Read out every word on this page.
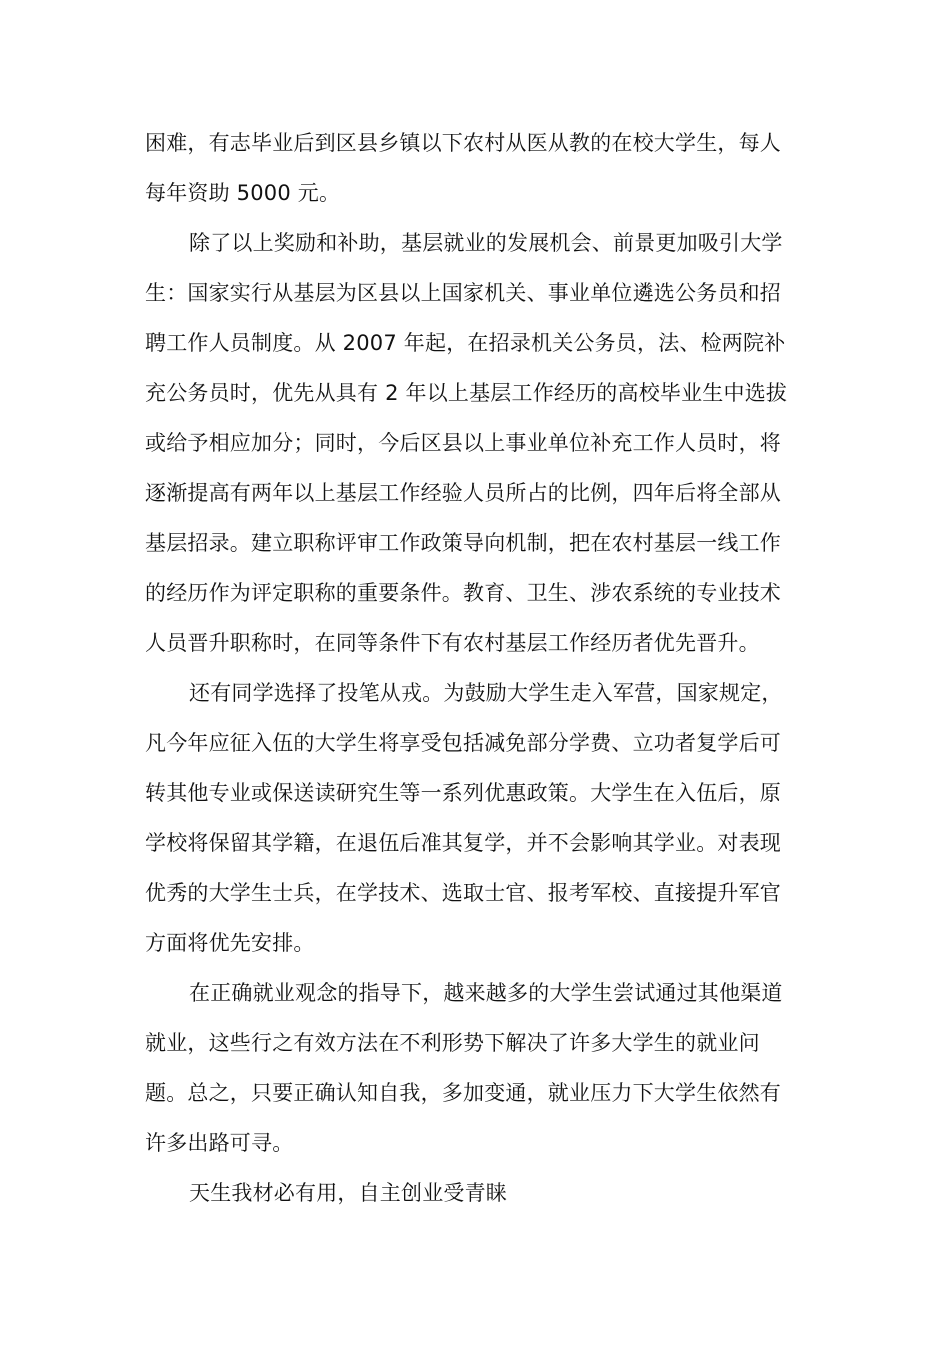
困难，有志毕业后到区县乡镇以下农村从医从教的在校大学生，每人
每年资助 5000 元。
除了以上奖励和补助，基层就业的发展机会、前景更加吸引大学
生：国家实行从基层为区县以上国家机关、事业单位遴选公务员和招
聘工作人员制度。从 2007 年起，在招录机关公务员，法、检两院补
充公务员时，优先从具有 2 年以上基层工作经历的高校毕业生中选拔
或给予相应加分；同时，今后区县以上事业单位补充工作人员时，将
逐渐提高有两年以上基层工作经验人员所占的比例，四年后将全部从
基层招录。建立职称评审工作政策导向机制，把在农村基层一线工作
的经历作为评定职称的重要条件。教育、卫生、涉农系统的专业技术
人员晋升职称时，在同等条件下有农村基层工作经历者优先晋升。
还有同学选择了投笔从戎。为鼓励大学生走入军营，国家规定，
凡今年应征入伍的大学生将享受包括减免部分学费、立功者复学后可
转其他专业或保送读研究生等一系列优惠政策。大学生在入伍后，原
学校将保留其学籍，在退伍后准其复学，并不会影响其学业。对表现
优秀的大学生士兵，在学技术、选取士官、报考军校、直接提升军官
方面将优先安排。
在正确就业观念的指导下，越来越多的大学生尝试通过其他渠道
就业，这些行之有效方法在不利形势下解决了许多大学生的就业问
题。总之，只要正确认知自我，多加变通，就业压力下大学生依然有
许多出路可寻。
天生我材必有用，自主创业受青睐
